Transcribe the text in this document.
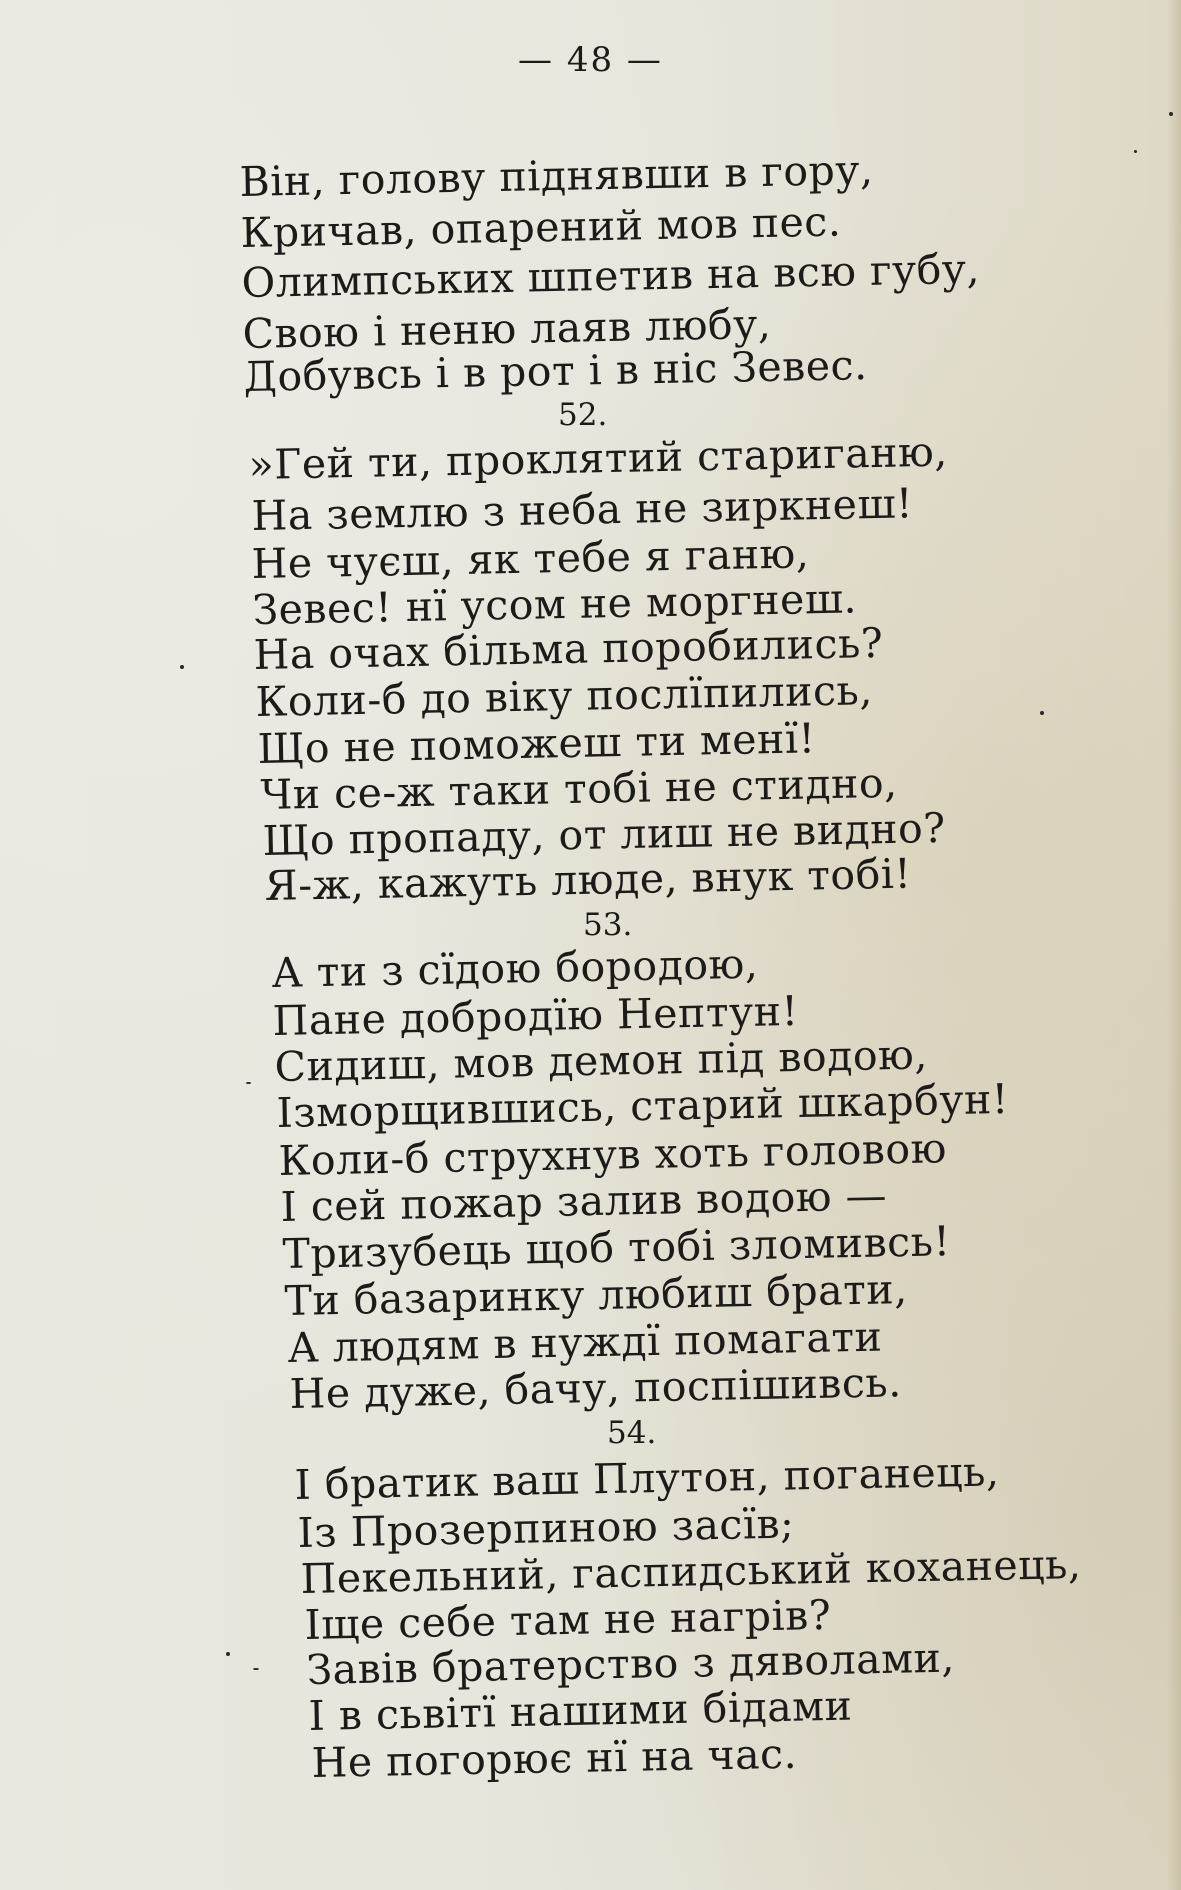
— 48 —
Він, голову піднявши в гору,
Кричав, опарений мов пес.
Олимпських шпетив на всю губу,
Свою і неню лаяв любу,
Добувсь і в рот і в ніс Зевес.
52.
»Гей ти, проклятий стариганю,
На землю з неба не зиркнеш!
Не чуєш, як тебе я ганю,
Зевес! нї усом не моргнеш.
На очах більма поробились?
Коли-б до віку послїпились,
Що не поможеш ти менї!
Чи се-ж таки тобі не стидно,
Що пропаду, от лиш не видно?
Я-ж, кажуть люде, внук тобі!
53.
А ти з сїдою бородою,
Пане добродїю Нептун!
Сидиш, мов демон під водою,
Ізморщившись, старий шкарбун!
Коли-б струхнув хоть головою
І сей пожар залив водою —
Тризубець щоб тобі зломивсь!
Ти базаринку любиш брати,
А людям в нуждї помагати
Не дуже, бачу, поспішивсь.
54.
І братик ваш Плутон, поганець,
Із Прозерпиною засїв;
Пекельний, гаспидський коханець,
Іще себе там не нагрів?
Завів братерство з дяволами,
І в сьвітї нашими бідами
Не погорює нї на час.
